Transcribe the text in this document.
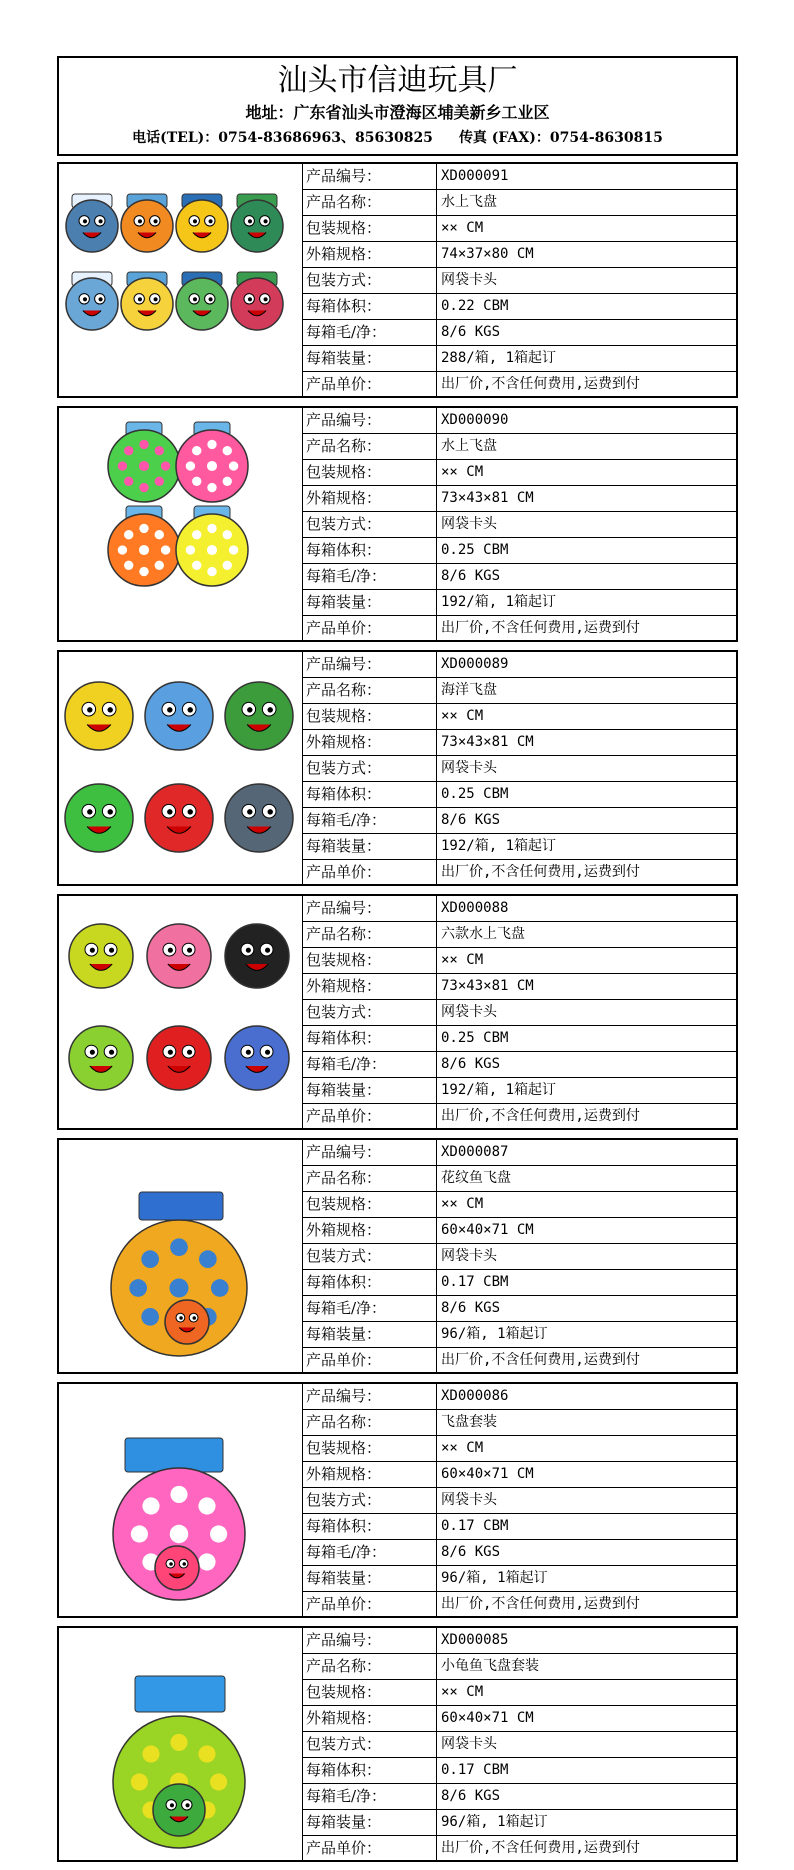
汕头市信迪玩具厂
地址：广东省汕头市澄海区埔美新乡工业区
电话(TEL)：0754-83686963、85630825 传真 (FAX)：0754-8630815
产品编号：	XD000091
产品名称：	水上飞盘
包装规格：	×× CM
外箱规格：	74×37×80 CM
包装方式：	网袋卡头
每箱体积：	0.22 CBM
每箱毛/净：	8/6 KGS
每箱装量：	288/箱, 1箱起订
产品单价：	出厂价,不含任何费用,运费到付
产品编号：	XD000090
产品名称：	水上飞盘
包装规格：	×× CM
外箱规格：	73×43×81 CM
包装方式：	网袋卡头
每箱体积：	0.25 CBM
每箱毛/净：	8/6 KGS
每箱装量：	192/箱, 1箱起订
产品单价：	出厂价,不含任何费用,运费到付
产品编号：	XD000089
产品名称：	海洋飞盘
包装规格：	×× CM
外箱规格：	73×43×81 CM
包装方式：	网袋卡头
每箱体积：	0.25 CBM
每箱毛/净：	8/6 KGS
每箱装量：	192/箱, 1箱起订
产品单价：	出厂价,不含任何费用,运费到付
产品编号：	XD000088
产品名称：	六款水上飞盘
包装规格：	×× CM
外箱规格：	73×43×81 CM
包装方式：	网袋卡头
每箱体积：	0.25 CBM
每箱毛/净：	8/6 KGS
每箱装量：	192/箱, 1箱起订
产品单价：	出厂价,不含任何费用,运费到付
产品编号：	XD000087
产品名称：	花纹鱼飞盘
包装规格：	×× CM
外箱规格：	60×40×71 CM
包装方式：	网袋卡头
每箱体积：	0.17 CBM
每箱毛/净：	8/6 KGS
每箱装量：	96/箱, 1箱起订
产品单价：	出厂价,不含任何费用,运费到付
产品编号：	XD000086
产品名称：	飞盘套装
包装规格：	×× CM
外箱规格：	60×40×71 CM
包装方式：	网袋卡头
每箱体积：	0.17 CBM
每箱毛/净：	8/6 KGS
每箱装量：	96/箱, 1箱起订
产品单价：	出厂价,不含任何费用,运费到付
产品编号：	XD000085
产品名称：	小龟鱼飞盘套装
包装规格：	×× CM
外箱规格：	60×40×71 CM
包装方式：	网袋卡头
每箱体积：	0.17 CBM
每箱毛/净：	8/6 KGS
每箱装量：	96/箱, 1箱起订
产品单价：	出厂价,不含任何费用,运费到付
